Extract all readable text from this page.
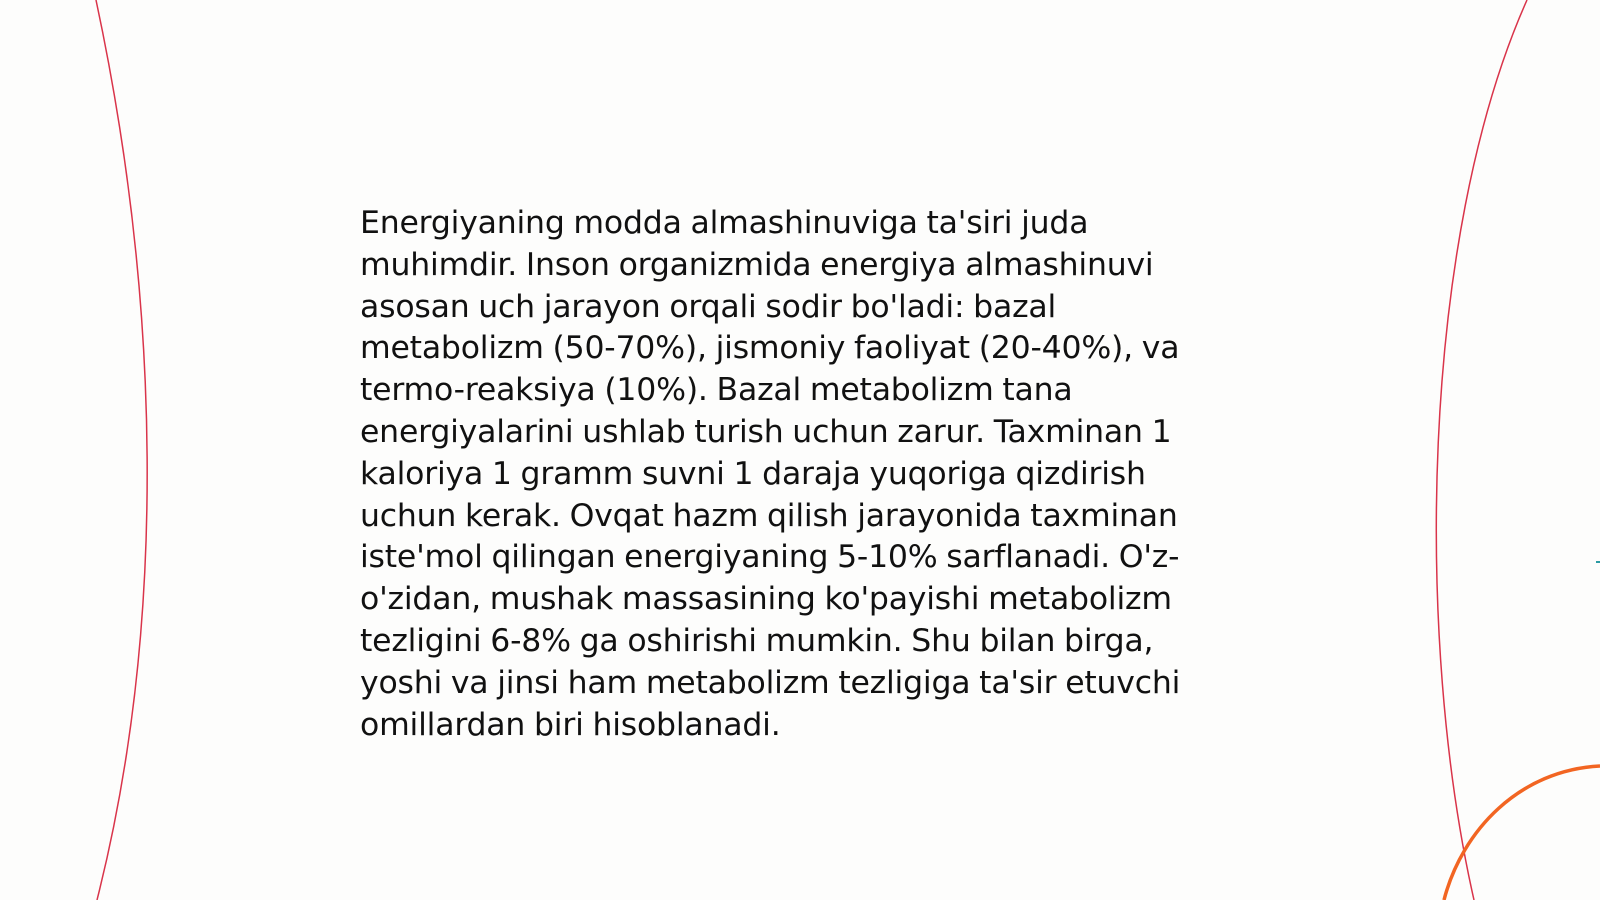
Energiyaning modda almashinuviga ta'siri juda muhimdir. Inson organizmida energiya almashinuvi asosan uch jarayon orqali sodir bo'ladi: bazal metabolizm (50-70%), jismoniy faoliyat (20-40%), va termo-reaksiya (10%). Bazal metabolizm tana energiyalarini ushlab turish uchun zarur. Taxminan 1 kaloriya 1 gramm suvni 1 daraja yuqoriga qizdirish uchun kerak. Ovqat hazm qilish jarayonida taxminan iste'mol qilingan energiyaning 5-10% sarflanadi. O'z-o'zidan, mushak massasining ko'payishi metabolizm tezligini 6-8% ga oshirishi mumkin. Shu bilan birga, yoshi va jinsi ham metabolizm tezligiga ta'sir etuvchi omillardan biri hisoblanadi.
